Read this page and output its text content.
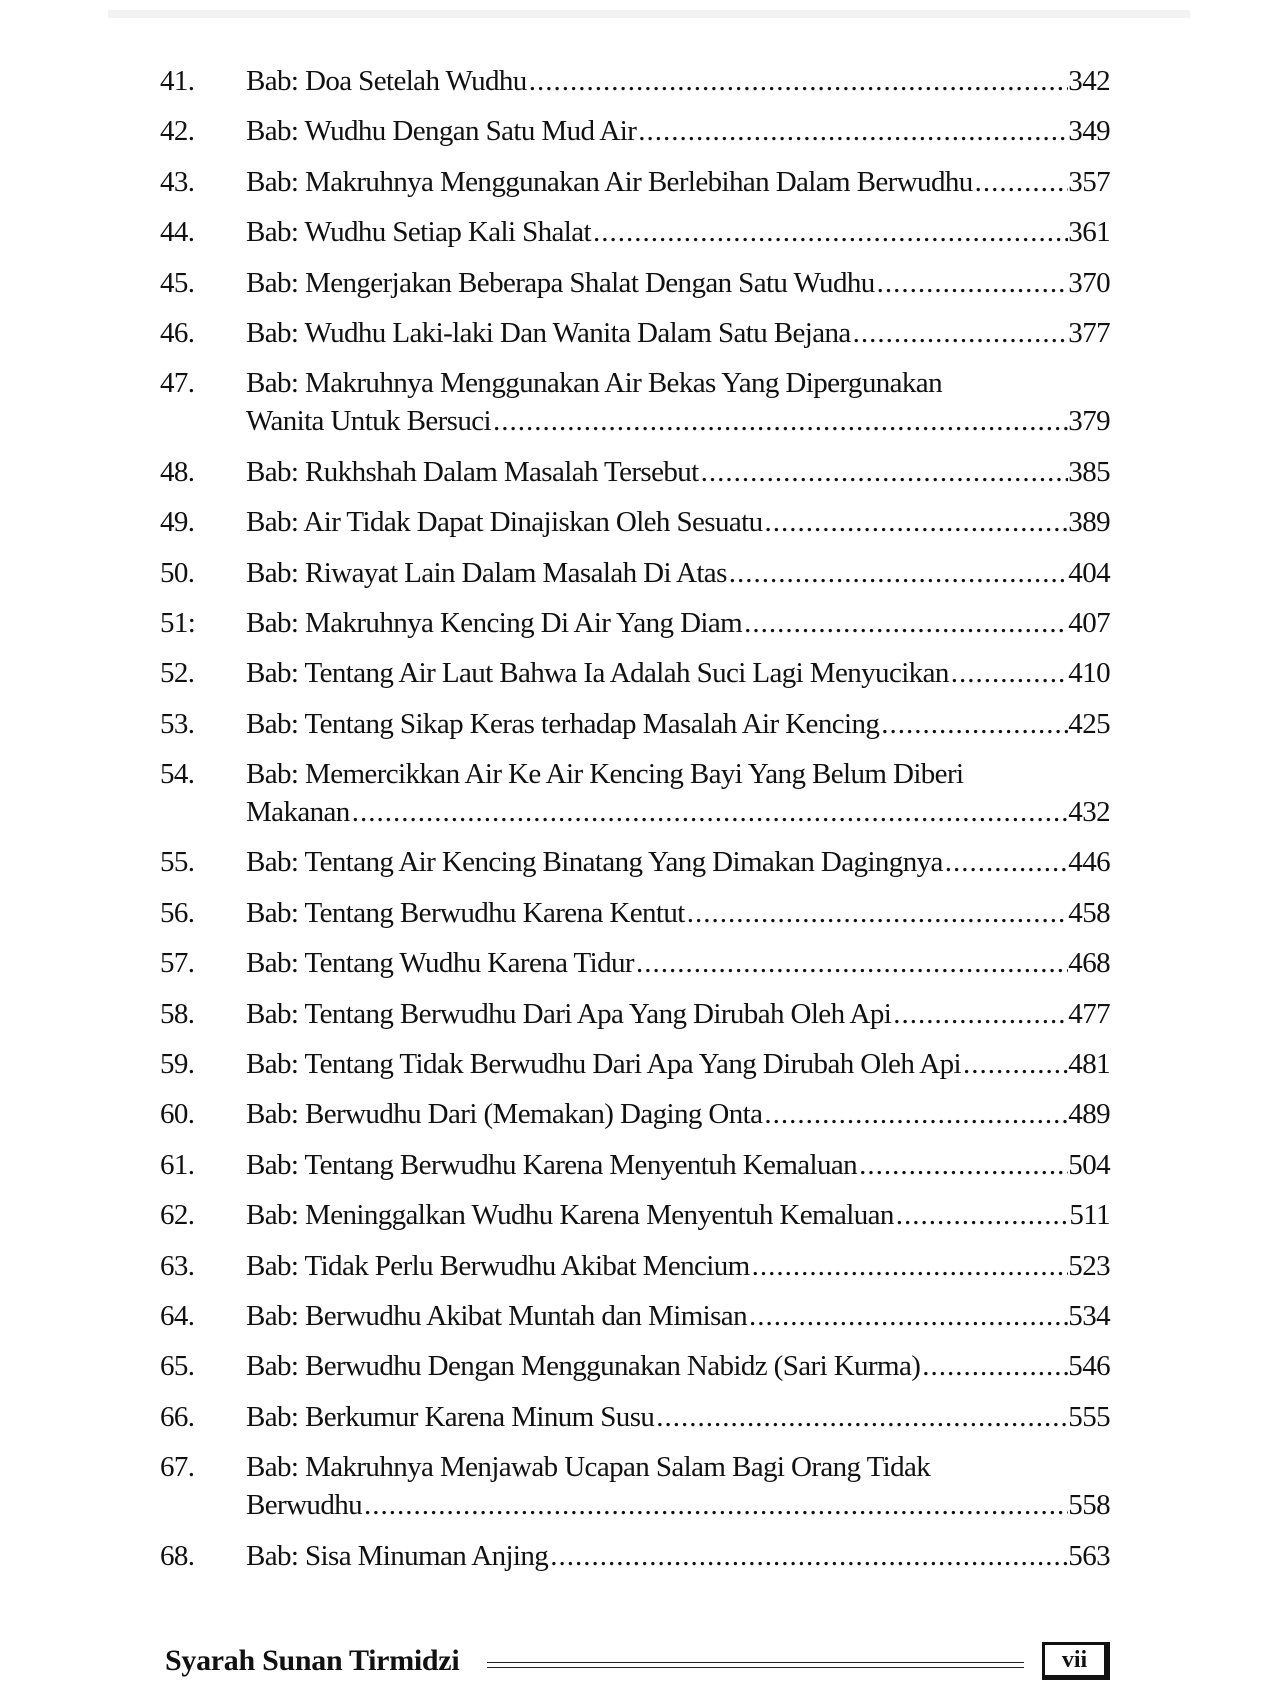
41.	Bab: Doa Setelah Wudhu .....	342
42.	Bab: Wudhu Dengan Satu Mud Air .....	349
43.	Bab: Makruhnya Menggunakan Air Berlebihan Dalam Berwudhu .....	357
44.	Bab: Wudhu Setiap Kali Shalat .....	361
45.	Bab: Mengerjakan Beberapa Shalat Dengan Satu Wudhu .....	370
46.	Bab: Wudhu Laki-laki Dan Wanita Dalam Satu Bejana .....	377
47.	Bab: Makruhnya Menggunakan Air Bekas Yang Dipergunakan
Wanita Untuk Bersuci .....	379
48.	Bab: Rukhshah Dalam Masalah Tersebut .....	385
49.	Bab: Air Tidak Dapat Dinajiskan Oleh Sesuatu .....	389
50.	Bab: Riwayat Lain Dalam Masalah Di Atas .....	404
51:	Bab: Makruhnya Kencing Di Air Yang Diam .....	407
52.	Bab: Tentang Air Laut Bahwa Ia Adalah Suci Lagi Menyucikan .....	410
53.	Bab: Tentang Sikap Keras terhadap Masalah Air Kencing .....	425
54.	Bab: Memercikkan Air Ke Air Kencing Bayi Yang Belum Diberi
Makanan .....	432
55.	Bab: Tentang Air Kencing Binatang Yang Dimakan Dagingnya .....	446
56.	Bab: Tentang Berwudhu Karena Kentut .....	458
57.	Bab: Tentang Wudhu Karena Tidur .....	468
58.	Bab: Tentang Berwudhu Dari Apa Yang Dirubah Oleh Api .....	477
59.	Bab: Tentang Tidak Berwudhu Dari Apa Yang Dirubah Oleh Api .....	481
60.	Bab: Berwudhu Dari (Memakan) Daging Onta .....	489
61.	Bab: Tentang Berwudhu Karena Menyentuh Kemaluan .....	504
62.	Bab: Meninggalkan Wudhu Karena Menyentuh Kemaluan .....	511
63.	Bab: Tidak Perlu Berwudhu Akibat Mencium .....	523
64.	Bab: Berwudhu Akibat Muntah dan Mimisan .....	534
65.	Bab: Berwudhu Dengan Menggunakan Nabidz (Sari Kurma) .....	546
66.	Bab: Berkumur Karena Minum Susu .....	555
67.	Bab: Makruhnya Menjawab Ucapan Salam Bagi Orang Tidak
Berwudhu .....	558
68.	Bab: Sisa Minuman Anjing .....	563
Syarah Sunan Tirmidzi	vii
